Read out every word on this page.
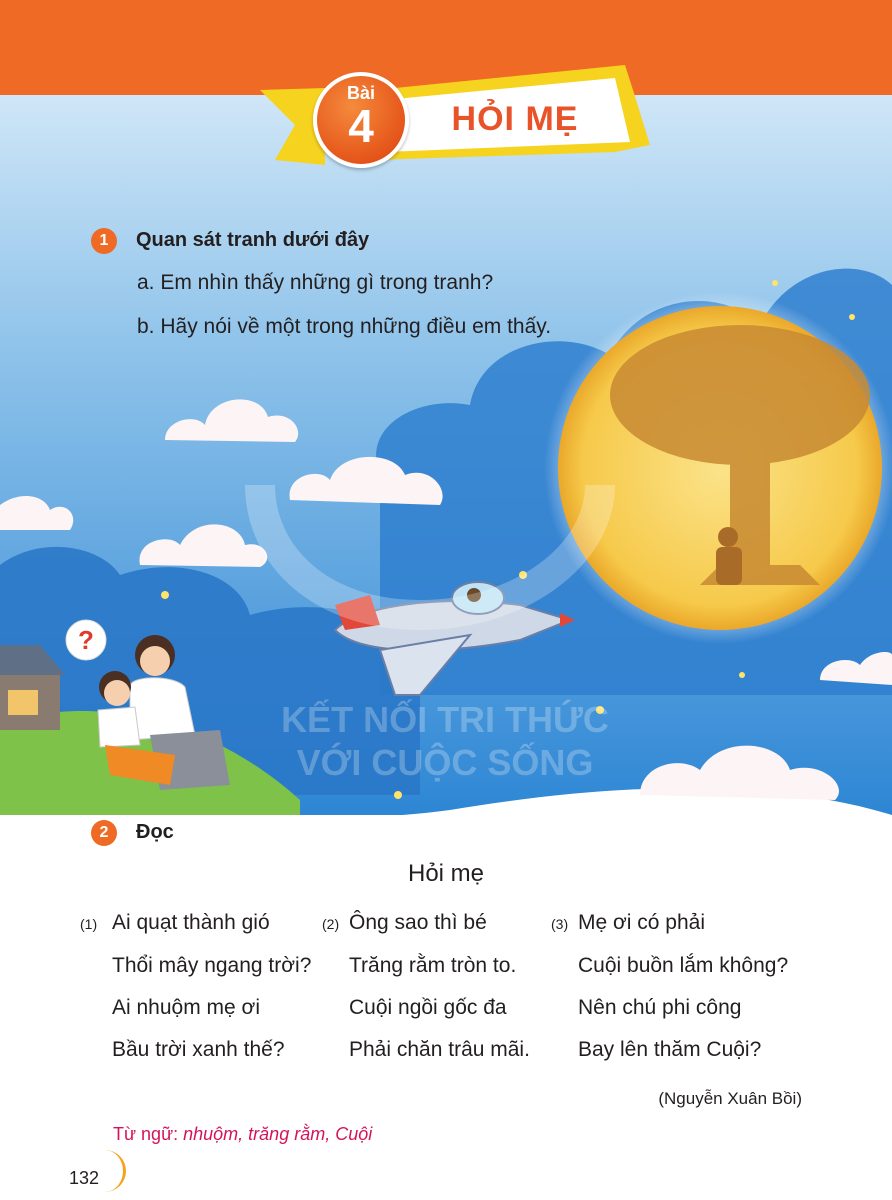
?
KẾT NỐI TRI THỨC
VỚI CUỘC SỐNG
Bài
4	HỎI MẸ
1	Quan sát tranh dưới đây
a. Em nhìn thấy những gì trong tranh?
b. Hãy nói về một trong những điều em thấy.
2	Đọc
Hỏi mẹ
(1) Ai quạt thành gió
Thổi mây ngang trời?
Ai nhuộm mẹ ơi
Bầu trời xanh thế?
(2) Ông sao thì bé
Trăng rằm tròn to.
Cuội ngồi gốc đa
Phải chăn trâu mãi.
(3) Mẹ ơi có phải
Cuội buồn lắm không?
Nên chú phi công
Bay lên thăm Cuội?
(Nguyễn Xuân Bồi)
Từ ngữ: nhuộm, trăng rằm, Cuội
132
